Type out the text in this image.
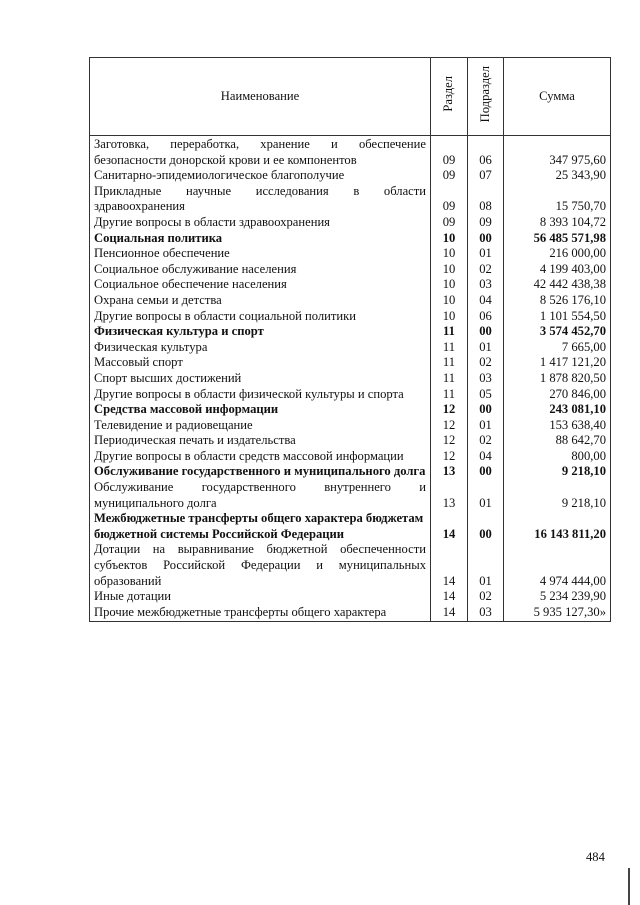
Наименование	Раздел	Подраздел	Сумма
Заготовка, переработка, хранение и обеспечение безопасности донорской крови и ее компонентов	09	06	347 975,60
Санитарно-эпидемиологическое благополучие	09	07	25 343,90
Прикладные научные исследования в области здравоохранения	09	08	15 750,70
Другие вопросы в области здравоохранения	09	09	8 393 104,72
Социальная политика	10	00	56 485 571,98
Пенсионное обеспечение	10	01	216 000,00
Социальное обслуживание населения	10	02	4 199 403,00
Социальное обеспечение населения	10	03	42 442 438,38
Охрана семьи и детства	10	04	8 526 176,10
Другие вопросы в области социальной политики	10	06	1 101 554,50
Физическая культура и спорт	11	00	3 574 452,70
Физическая культура	11	01	7 665,00
Массовый спорт	11	02	1 417 121,20
Спорт высших достижений	11	03	1 878 820,50
Другие вопросы в области физической культуры и спорта	11	05	270 846,00
Средства массовой информации	12	00	243 081,10
Телевидение и радиовещание	12	01	153 638,40
Периодическая печать и издательства	12	02	88 642,70
Другие вопросы в области средств массовой информации	12	04	800,00
Обслуживание государственного и муниципального долга	13	00	9 218,10
Обслуживание государственного внутреннего и муниципального долга	13	01	9 218,10
Межбюджетные трансферты общего характера бюджетам бюджетной системы Российской Федерации	14	00	16 143 811,20
Дотации на выравнивание бюджетной обеспеченности субъектов Российской Федерации и муниципальных образований	14	01	4 974 444,00
Иные дотации	14	02	5 234 239,90
Прочие межбюджетные трансферты общего характера	14	03	5 935 127,30»
484
